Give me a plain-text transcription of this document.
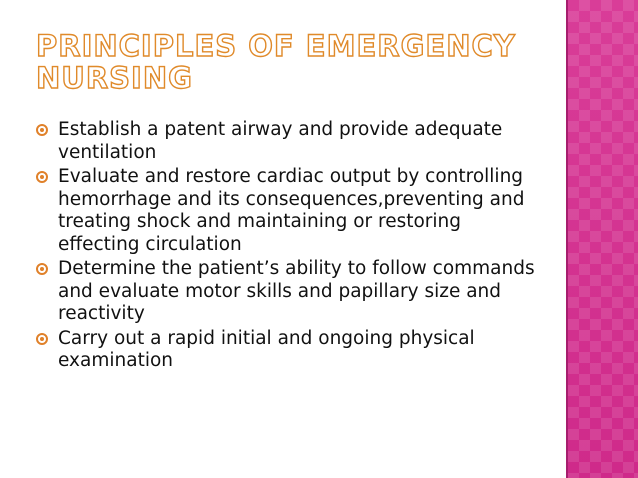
PRINCIPLES OF EMERGENCY NURSING
Establish a patent airway and provide adequate ventilation
Evaluate and restore cardiac output by controlling hemorrhage and its consequences,preventing and treating shock and maintaining or restoring effecting circulation
Determine the patient’s ability to follow commands and evaluate motor skills and papillary size and reactivity
Carry out a rapid initial and ongoing physical examination
